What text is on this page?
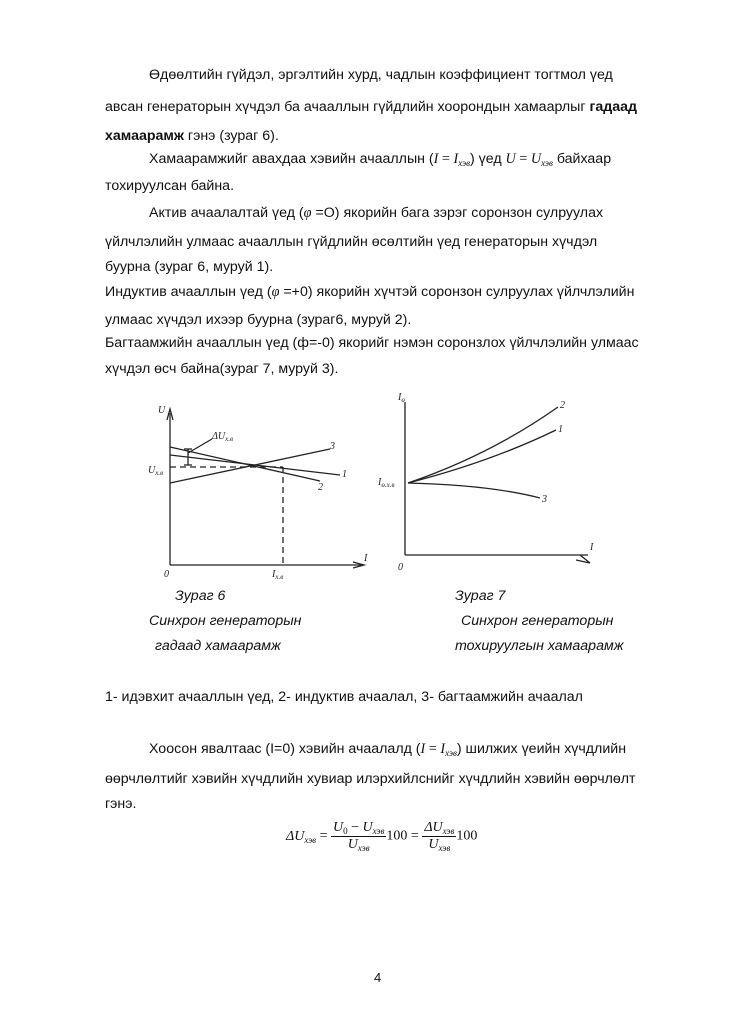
Өдөөлтийн гүйдэл, эргэлтийн хурд, чадлын коэффициент тогтмол үед
авсан генераторын хүчдэл ба ачааллын гүйдлийн хоорондын хамаарлыг гадаад
хамаарамж гэнэ (зураг 6).
Хамаарамжийг авахдаа хэвийн ачааллын $(I = I_{хэв})$ үед $U = U_{хэв}$ байхаар
тохируулсан байна.
Актив ачаалалтай үед (φ =O) якорийн бага зэрэг соронзон сулруулах
үйлчлэлийн улмаас ачааллын гүйдлийн өсөлтийн үед генераторын хүчдэл
буурна (зураг 6, муруй 1).
Индуктив ачааллын үед (φ =+0) якорийн хүчтэй соронзон сулруулах үйлчлэлийн
улмаас хүчдэл ихээр буурна (зураг6, муруй 2).
Багтаамжийн ачааллын үед (ф=-0) якорийг нэмэн соронзлох үйлчлэлийн улмаас
хүчдэл өсч байна(зураг 7, муруй 3).
U
I
0
$\Delta U_{x.в}$
$U_{x.в}$
$I_{x.в}$
3
1
2
$I_ө$
I
0
$I_{ө.x.в}$
2
1
3
Зураг 6
Синхрон генераторын
гадаад хамаарамж
Зураг 7
Синхрон генераторын
тохируулгын хамаарамж
1- идэвхит ачааллын үед, 2- индуктив ачаалал, 3- багтаамжийн ачаалал
Хоосон явалтаас (I=0) хэвийн ачаалалд $(I = I_{хэв})$ шилжих үеийн хүчдлийн
өөрчлөлтийг хэвийн хүчдлийн хувиар илэрхийлснийг хүчдлийн хэвийн өөрчлөлт
гэнэ.
$\Delta U_{хэв} = \frac{U_0 - U_{хэв}}{U_{хэв}} 100 = \frac{\Delta U_{хэв}}{U_{хэв}} 100$
4
